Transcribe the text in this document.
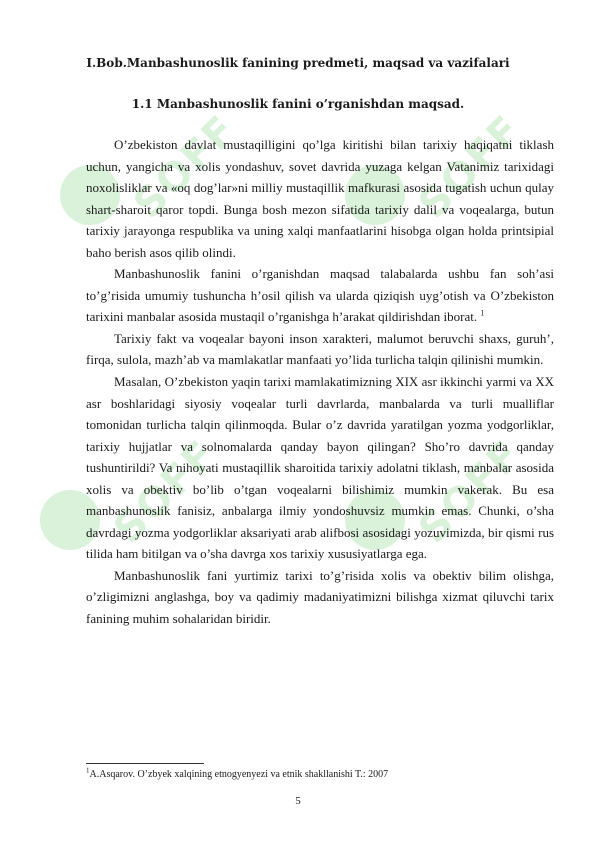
SOFF	SOFF
SOFF	SOFF
I.Bob.Manbashunoslik fanining predmeti, maqsad va vazifalari
1.1 Manbashunoslik fanini o’rganishdan maqsad.

O’zbekiston davlat mustaqilligini qo’lga kiritishi bilan tarixiy haqiqatni tiklash uchun, yangicha va xolis yondashuv, sovet davrida yuzaga kelgan Vatanimiz tarixidagi noxolisliklar va «oq dog’lar»ni milliy mustaqillik mafkurasi asosida tugatish uchun qulay shart-sharoit qaror topdi. Bunga bosh mezon sifatida tarixiy dalil va voqealarga, butun tarixiy jarayonga respublika va uning xalqi manfaatlarini hisobga olgan holda printsipial baho berish asos qilib olindi.

Manbashunoslik fanini o’rganishdan maqsad talabalarda ushbu fan soh’asi to’g’risida umumiy tushuncha h’osil qilish va ularda qiziqish uyg’otish va O’zbekiston tarixini manbalar asosida mustaqil o’rganishga h’arakat qildirishdan iborat. $^1$

Tarixiy fakt va voqealar bayoni inson xarakteri, malumot beruvchi shaxs, guruh’, firqa, sulola, mazh’ab va mamlakatlar manfaati yo’lida turlicha talqin qilinishi mumkin.

Masalan, O’zbekiston yaqin tarixi mamlakatimizning XIX asr ikkinchi yarmi va XX asr boshlaridagi siyosiy voqealar turli davrlarda, manbalarda va turli mualliflar tomonidan turlicha talqin qilinmoqda. Bular o’z davrida yaratilgan yozma yodgorliklar, tarixiy hujjatlar va solnomalarda qanday bayon qilingan? Sho’ro davrida qanday tushuntirildi? Va nihoyati mustaqillik sharoitida tarixiy adolatni tiklash, manbalar asosida xolis va obektiv bo’lib o’tgan voqealarni bilishimiz mumkin vakerak. Bu esa manbashunoslik fanisiz, anbalarga ilmiy yondoshuvsiz mumkin emas. Chunki, o’sha davrdagi yozma yodgorliklar aksariyati arab alifbosi asosidagi yozuvimizda, bir qismi rus tilida ham bitilgan va o’sha davrga xos tarixiy xususiyatlarga ega.

Manbashunoslik fani yurtimiz tarixi to’g’risida xolis va obektiv bilim olishga, o’zligimizni anglashga, boy va qadimiy madaniyatimizni bilishga xizmat qiluvchi tarix fanining muhim sohalaridan biridir.

$^1$A.Asqarov. O’zbyek xalqining etnogyenyezi va etnik shakllanishi T.: 2007
5
